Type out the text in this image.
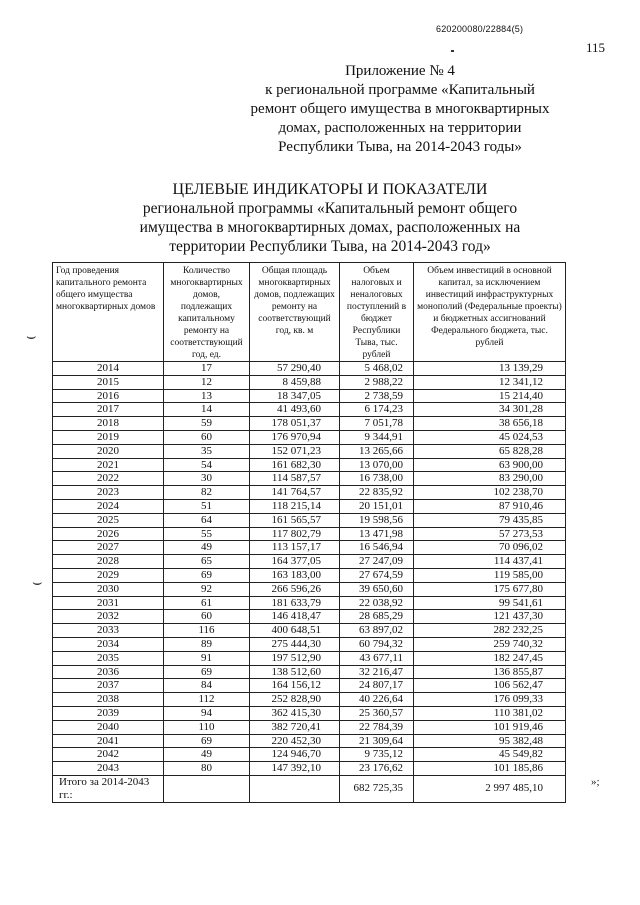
620200080/22884(5)
115
Приложение № 4
к региональной программе «Капитальный
ремонт общего имущества в многоквартирных
домах, расположенных на территории
Республики Тыва, на 2014-2043 годы»
ЦЕЛЕВЫЕ ИНДИКАТОРЫ И ПОКАЗАТЕЛИ
региональной программы «Капитальный ремонт общего
имущества в многоквартирных домах, расположенных на
территории Республики Тыва, на 2014-2043 год»
⌣
⌣
Год проведения капитального ремонта общего имущества многоквартирных домов	Количество многоквартирных домов, подлежащих капитальному ремонту на соответствующий год, ед.	Общая площадь многоквартирных домов, подлежащих ремонту на соответствующий год, кв. м	Объем налоговых и неналоговых поступлений в бюджет Республики Тыва, тыс. рублей	Объем инвестиций в основной капитал, за исключением инвестиций инфраструктурных монополий (Федеральные проекты) и бюджетных ассигнований Федерального бюджета, тыс. рублей
2014	17	57 290,40	5 468,02	13 139,29
2015	12	8 459,88	2 988,22	12 341,12
2016	13	18 347,05	2 738,59	15 214,40
2017	14	41 493,60	6 174,23	34 301,28
2018	59	178 051,37	7 051,78	38 656,18
2019	60	176 970,94	9 344,91	45 024,53
2020	35	152 071,23	13 265,66	65 828,28
2021	54	161 682,30	13 070,00	63 900,00
2022	30	114 587,57	16 738,00	83 290,00
2023	82	141 764,57	22 835,92	102 238,70
2024	51	118 215,14	20 151,01	87 910,46
2025	64	161 565,57	19 598,56	79 435,85
2026	55	117 802,79	13 471,98	57 273,53
2027	49	113 157,17	16 546,94	70 096,02
2028	65	164 377,05	27 247,09	114 437,41
2029	69	163 183,00	27 674,59	119 585,00
2030	92	266 596,26	39 650,60	175 677,80
2031	61	181 633,79	22 038,92	99 541,61
2032	60	146 418,47	28 685,29	121 437,30
2033	116	400 648,51	63 897,02	282 232,25
2034	89	275 444,30	60 794,32	259 740,32
2035	91	197 512,90	43 677,11	182 247,45
2036	69	138 512,60	32 216,47	136 855,87
2037	84	164 156,12	24 807,17	106 562,47
2038	112	252 828,90	40 226,64	176 099,33
2039	94	362 415,30	25 360,57	110 381,02
2040	110	382 720,41	22 784,39	101 919,46
2041	69	220 452,30	21 309,64	95 382,48
2042	49	124 946,70	9 735,12	45 549,82
2043	80	147 392,10	23 176,62	101 185,86
Итого за 2014-2043 гг.:			682 725,35	2 997 485,10
»;
